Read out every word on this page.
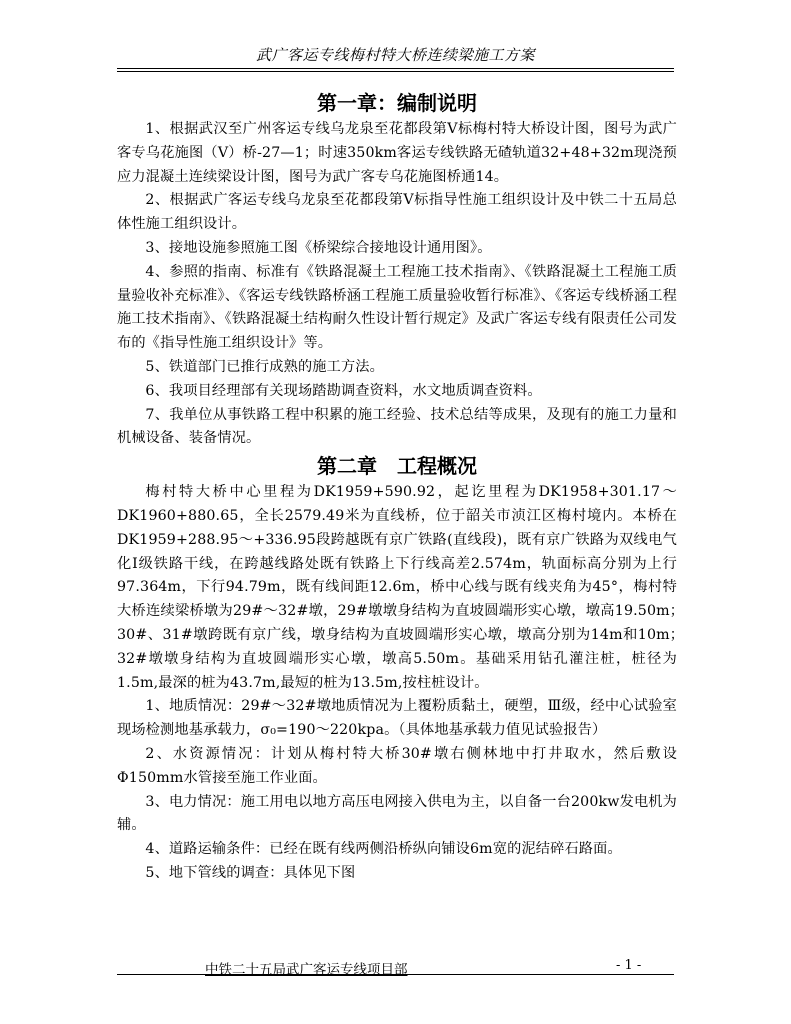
武广客运专线梅村特大桥连续梁施工方案
第一章：编制说明

1、根据武汉至广州客运专线乌龙泉至花都段第Ⅴ标梅村特大桥设计图，图号为武广客专乌花施图（Ⅴ）桥-27—1；时速350km客运专线铁路无碴轨道32+48+32m现浇预应力混凝土连续梁设计图，图号为武广客专乌花施图桥通14。

2、根据武广客运专线乌龙泉至花都段第Ⅴ标指导性施工组织设计及中铁二十五局总体性施工组织设计。

3、接地设施参照施工图《桥梁综合接地设计通用图》。

4、参照的指南、标准有《铁路混凝土工程施工技术指南》、《铁路混凝土工程施工质量验收补充标准》、《客运专线铁路桥涵工程施工质量验收暂行标准》、《客运专线桥涵工程施工技术指南》、《铁路混凝土结构耐久性设计暂行规定》及武广客运专线有限责任公司发布的《指导性施工组织设计》等。

5、铁道部门已推行成熟的施工方法。

6、我项目经理部有关现场踏勘调查资料，水文地质调查资料。

7、我单位从事铁路工程中积累的施工经验、技术总结等成果，及现有的施工力量和机械设备、装备情况。

第二章　工程概况

梅村特大桥中心里程为DK1959+590.92，起讫里程为DK1958+301.17～DK1960+880.65，全长2579.49米为直线桥，位于韶关市浈江区梅村境内。本桥在DK1959+288.95～+336.95段跨越既有京广铁路(直线段)，既有京广铁路为双线电气化Ⅰ级铁路干线，在跨越线路处既有铁路上下行线高差2.574m，轨面标高分别为上行97.364m，下行94.79m，既有线间距12.6m，桥中心线与既有线夹角为45°，梅村特大桥连续梁桥墩为29#～32#墩，29#墩墩身结构为直坡圆端形实心墩，墩高19.50m；　30#、31#墩跨既有京广线，墩身结构为直坡圆端形实心墩，墩高分别为14m和10m；　32#墩墩身结构为直坡圆端形实心墩，墩高5.50m。基础采用钻孔灌注桩，桩径为1.5m,最深的桩为43.7m,最短的桩为13.5m,按柱桩设计。

1、地质情况：29#～32#墩地质情况为上覆粉质黏土，硬塑，Ⅲ级，经中心试验室现场检测地基承载力，σ₀=190～220kpa。（具体地基承载力值见试验报告）

2、水资源情况：计划从梅村特大桥30#墩右侧林地中打井取水，然后敷设Φ150mm水管接至施工作业面。

3、电力情况：施工用电以地方高压电网接入供电为主，以自备一台200kw发电机为辅。

4、道路运输条件：已经在既有线两侧沿桥纵向铺设6m宽的泥结碎石路面。

5、地下管线的调查：具体见下图

中铁二十五局武广客运专线项目部	- 1 -
